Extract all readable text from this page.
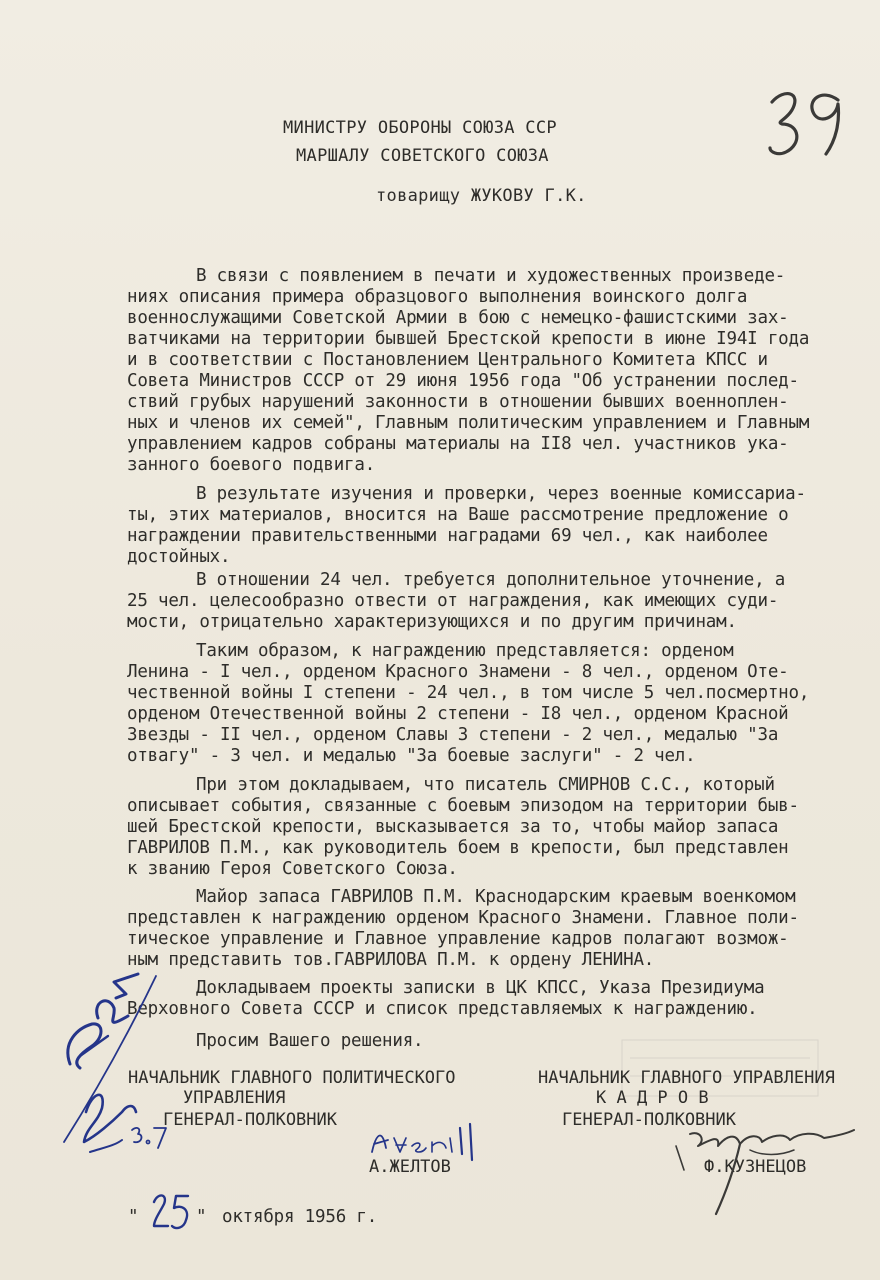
МИНИСТРУ ОБОРОНЫ СОЮЗА ССР
МАРШАЛУ СОВЕТСКОГО СОЮЗА
товарищу ЖУКОВУ Г.К.
В связи с появлением в печати и художественных произведе-
ниях описания примера образцового выполнения воинского долга
военнослужащими Советской Армии в бою с немецко-фашистскими зах-
ватчиками на территории бывшей Брестской крепости в июне I94I года
и в соответствии с Постановлением Центрального Комитета КПСС и
Совета Министров СССР от 29 июня 1956 года "Об устранении послед-
ствий грубых нарушений законности в отношении бывших военноплен-
ных и членов их семей", Главным политическим управлением и Главным
управлением кадров собраны материалы на II8 чел. участников ука-
занного боевого подвига.
В результате изучения и проверки, через военные комиссариа-
ты, этих материалов, вносится на Ваше рассмотрение предложение о
награждении правительственными наградами 69 чел., как наиболее
достойных.
В отношении 24 чел. требуется дополнительное уточнение, а
25 чел. целесообразно отвести от награждения, как имеющих суди-
мости, отрицательно характеризующихся и по другим причинам.
Таким образом, к награждению представляется: орденом
Ленина - I чел., орденом Красного Знамени - 8 чел., орденом Оте-
чественной войны I степени - 24 чел., в том числе 5 чел.посмертно,
орденом Отечественной войны 2 степени - I8 чел., орденом Красной
Звезды - II чел., орденом Славы 3 степени - 2 чел., медалью "За
отвагу" - 3 чел. и медалью "За боевые заслуги" - 2 чел.
При этом докладываем, что писатель СМИРНОВ С.С., который
описывает события, связанные с боевым эпизодом на территории быв-
шей Брестской крепости, высказывается за то, чтобы майор запаса
ГАВРИЛОВ П.М., как руководитель боем в крепости, был представлен
к званию Героя Советского Союза.
Майор запаса ГАВРИЛОВ П.М. Краснодарским краевым военкомом
представлен к награждению орденом Красного Знамени. Главное поли-
тическое управление и Главное управление кадров полагают возмож-
ным представить тов.ГАВРИЛОВА П.М. к ордену ЛЕНИНА.
Докладываем проекты записки в ЦК КПСС, Указа Президиума
Верховного Совета СССР и список представляемых к награждению.
Просим Вашего решения.
НАЧАЛЬНИК ГЛАВНОГО ПОЛИТИЧЕСКОГО
УПРАВЛЕНИЯ
ГЕНЕРАЛ-ПОЛКОВНИК
А.ЖЕЛТОВ
НАЧАЛЬНИК ГЛАВНОГО УПРАВЛЕНИЯ
К А Д Р О В
ГЕНЕРАЛ-ПОЛКОВНИК
Ф.КУЗНЕЦОВ
"	" октября 1956 г.
